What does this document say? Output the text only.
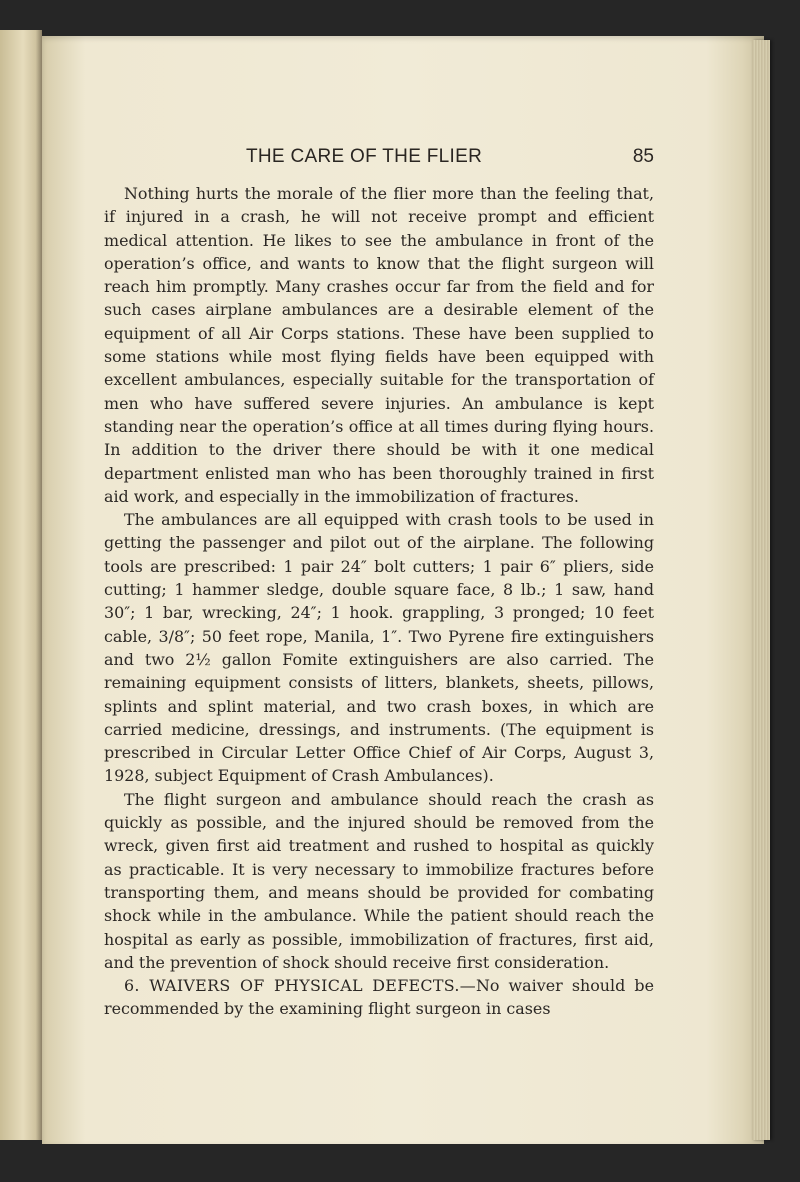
THE CARE OF THE FLIER	85

Nothing hurts the morale of the flier more than the feeling that, if injured in a crash, he will not receive prompt and efficient medical attention. He likes to see the ambulance in front of the operation’s office, and wants to know that the flight surgeon will reach him promptly. Many crashes occur far from the field and for such cases airplane ambulances are a desirable element of the equipment of all Air Corps stations. These have been supplied to some stations while most flying fields have been equipped with excellent ambulances, especially suitable for the transportation of men who have suffered severe injuries. An ambulance is kept standing near the operation’s office at all times during flying hours. In addition to the driver there should be with it one medical department enlisted man who has been thoroughly trained in first aid work, and especially in the immobilization of fractures.

The ambulances are all equipped with crash tools to be used in getting the passenger and pilot out of the airplane. The following tools are prescribed: 1 pair 24″ bolt cutters; 1 pair 6″ pliers, side cutting; 1 hammer sledge, double square face, 8 lb.; 1 saw, hand 30″; 1 bar, wrecking, 24″; 1 hook. grappling, 3 pronged; 10 feet cable, 3/8″; 50 feet rope, Manila, 1″. Two Pyrene fire extinguishers and two 2½ gallon Fomite extinguishers are also carried. The remaining equipment consists of litters, blankets, sheets, pillows, splints and splint material, and two crash boxes, in which are carried medicine, dressings, and instruments. (The equipment is prescribed in Circular Letter Office Chief of Air Corps, August 3, 1928, subject Equipment of Crash Ambulances).

The flight surgeon and ambulance should reach the crash as quickly as possible, and the injured should be removed from the wreck, given first aid treatment and rushed to hospital as quickly as practicable. It is very necessary to immobilize fractures before transporting them, and means should be provided for combating shock while in the ambulance. While the patient should reach the hospital as early as possible, immobilization of fractures, first aid, and the prevention of shock should receive first consideration.

6. WAIVERS OF PHYSICAL DEFECTS.—No waiver should be recommended by the examining flight surgeon in cases
